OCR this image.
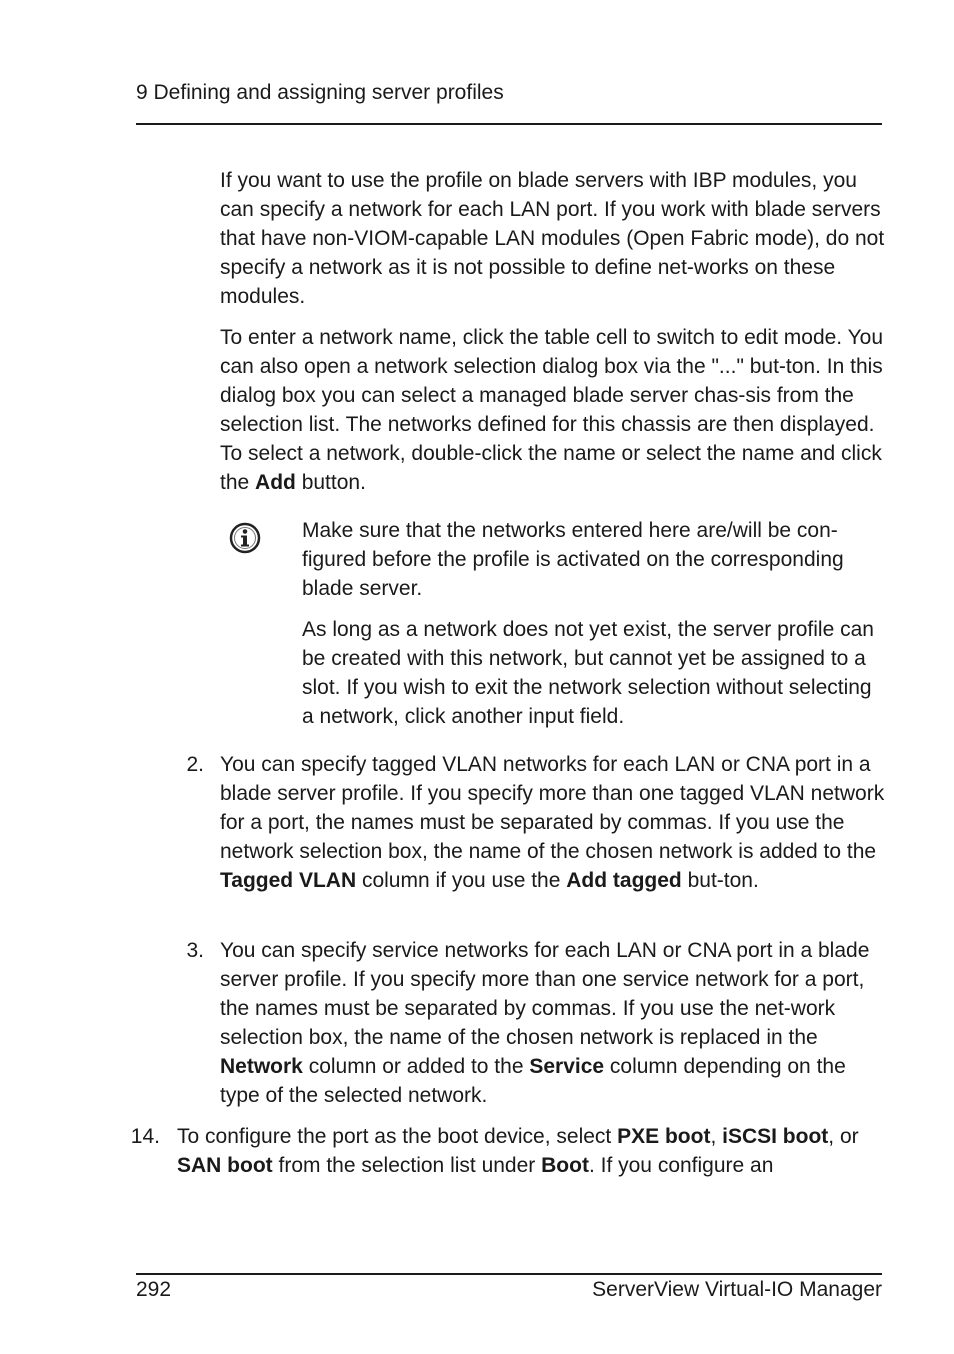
9 Defining and assigning server profiles

If you want to use the profile on blade servers with IBP modules, you can specify a network for each LAN port. If you work with blade servers that have non-VIOM-capable LAN modules (Open Fabric mode), do not specify a network as it is not possible to define net-works on these modules.

To enter a network name, click the table cell to switch to edit mode. You can also open a network selection dialog box via the "..." but-ton. In this dialog box you can select a managed blade server chas-sis from the selection list. The networks defined for this chassis are then displayed. To select a network, double-click the name or select the name and click the Add button.

Make sure that the networks entered here are/will be con-figured before the profile is activated on the corresponding blade server.
As long as a network does not yet exist, the server profile can be created with this network, but cannot yet be assigned to a slot. If you wish to exit the network selection without selecting a network, click another input field.
2. You can specify tagged VLAN networks for each LAN or CNA port in a blade server profile. If you specify more than one tagged VLAN network for a port, the names must be separated by commas. If you use the network selection box, the name of the chosen network is added to the Tagged VLAN column if you use the Add tagged but-ton.
3. You can specify service networks for each LAN or CNA port in a blade server profile. If you specify more than one service network for a port, the names must be separated by commas. If you use the net-work selection box, the name of the chosen network is replaced in the Network column or added to the Service column depending on the type of the selected network.
14. To configure the port as the boot device, select PXE boot, iSCSI boot, or SAN boot from the selection list under Boot. If you configure an
292	ServerView Virtual-IO Manager
